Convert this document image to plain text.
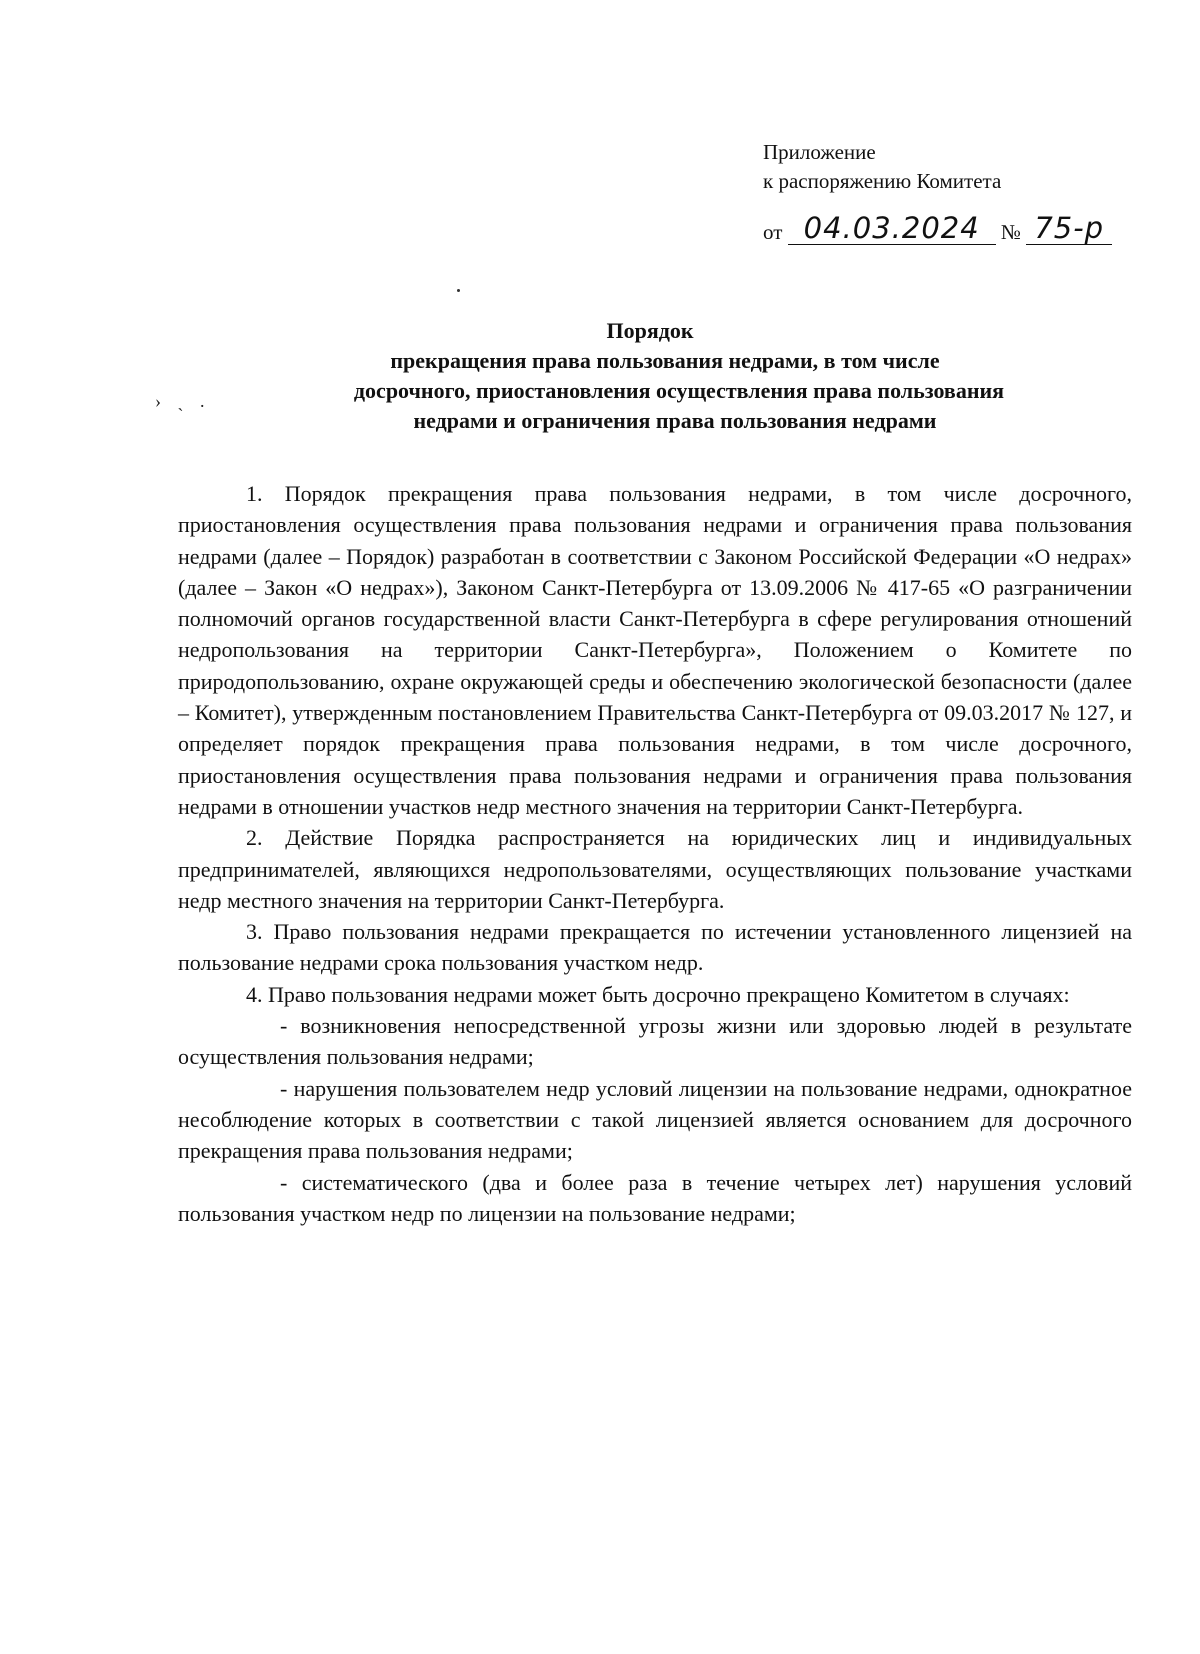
Приложение
к распоряжению Комитета
от 04.03.2024 № 75-р
› ˏ .
Порядок
прекращения права пользования недрами, в том числе
досрочного, приостановления осуществления права пользования
недрами и ограничения права пользования недрами

1. Порядок прекращения права пользования недрами, в том числе досрочного, приостановления осуществления права пользования недрами и ограничения права пользования недрами (далее – Порядок) разработан в соответствии с Законом Российской Федерации «О недрах» (далее – Закон «О недрах»), Законом Санкт-Петербурга от 13.09.2006 № 417-65 «О разграничении полномочий органов государственной власти Санкт-Петербурга в сфере регулирования отношений недропользования на территории Санкт-Петербурга», Положением о Комитете по природопользованию, охране окружающей среды и обеспечению экологической безопасности (далее – Комитет), утвержденным постановлением Правительства Санкт-Петербурга от 09.03.2017 № 127, и определяет порядок прекращения права пользования недрами, в том числе досрочного, приостановления осуществления права пользования недрами и ограничения права пользования недрами в отношении участков недр местного значения на территории Санкт-Петербурга.

2. Действие Порядка распространяется на юридических лиц и индивидуальных предпринимателей, являющихся недропользователями, осуществляющих пользование участками недр местного значения на территории Санкт-Петербурга.

3. Право пользования недрами прекращается по истечении установленного лицензией на пользование недрами срока пользования участком недр.

4. Право пользования недрами может быть досрочно прекращено Комитетом в случаях:

- возникновения непосредственной угрозы жизни или здоровью людей в результате осуществления пользования недрами;

- нарушения пользователем недр условий лицензии на пользование недрами, однократное несоблюдение которых в соответствии с такой лицензией является основанием для досрочного прекращения права пользования недрами;

- систематического (два и более раза в течение четырех лет) нарушения условий пользования участком недр по лицензии на пользование недрами;
